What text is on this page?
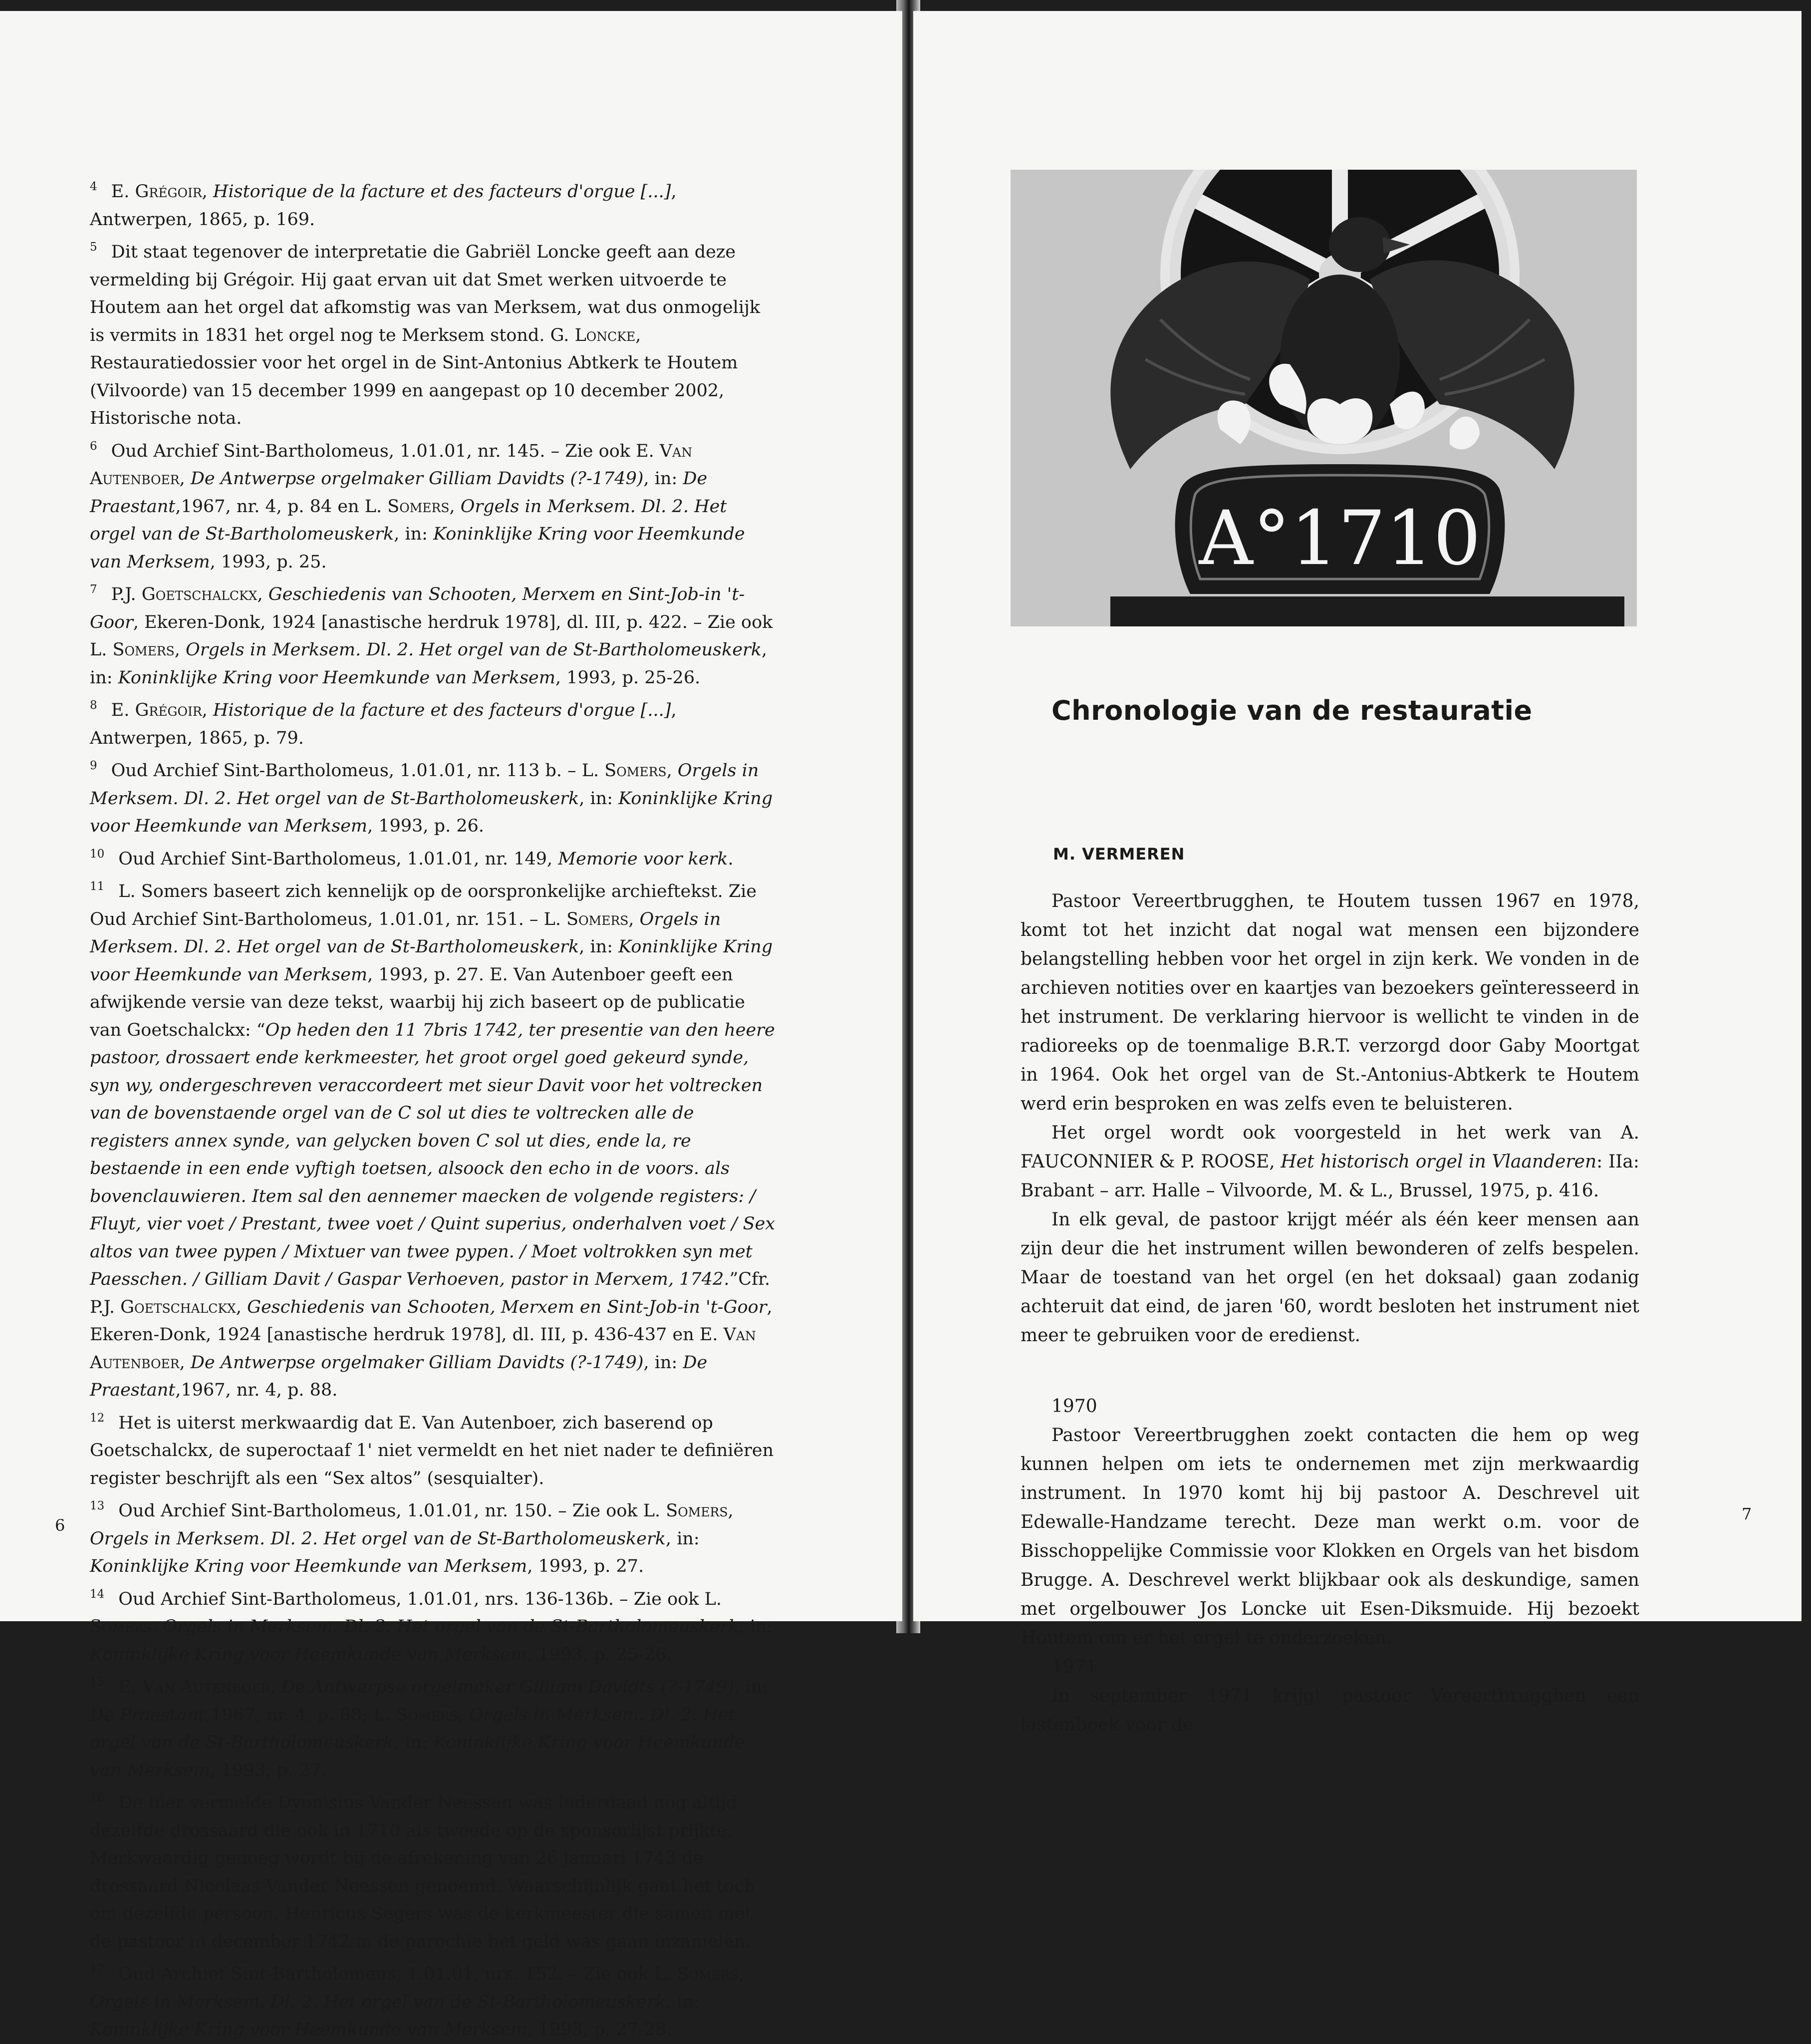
4 E. Grégoir, Historique de la facture et des facteurs d'orgue [...], Antwerpen, 1865, p. 169.

5 Dit staat tegenover de interpretatie die Gabriël Loncke geeft aan deze vermelding bij Grégoir. Hij gaat ervan uit dat Smet werken uitvoerde te Houtem aan het orgel dat afkomstig was van Merksem, wat dus onmogelijk is vermits in 1831 het orgel nog te Merksem stond. G. Loncke, Restauratiedossier voor het orgel in de Sint-Antonius Abtkerk te Houtem (Vilvoorde) van 15 december 1999 en aangepast op 10 december 2002, Historische nota.

6 Oud Archief Sint-Bartholomeus, 1.01.01, nr. 145. – Zie ook E. Van Autenboer, De Antwerpse orgelmaker Gilliam Davidts (?-1749), in: De Praestant,1967, nr. 4, p. 84 en L. Somers, Orgels in Merksem. Dl. 2. Het orgel van de St-Bartholomeuskerk, in: Koninklijke Kring voor Heemkunde van Merksem, 1993, p. 25.

7 P.J. Goetschalckx, Geschiedenis van Schooten, Merxem en Sint-Job-in 't-Goor, Ekeren-Donk, 1924 [anastische herdruk 1978], dl. III, p. 422. – Zie ook L. Somers, Orgels in Merksem. Dl. 2. Het orgel van de St-Bartholomeuskerk, in: Koninklijke Kring voor Heemkunde van Merksem, 1993, p. 25-26.

8 E. Grégoir, Historique de la facture et des facteurs d'orgue [...], Antwerpen, 1865, p. 79.

9 Oud Archief Sint-Bartholomeus, 1.01.01, nr. 113 b. – L. Somers, Orgels in Merksem. Dl. 2. Het orgel van de St-Bartholomeuskerk, in: Koninklijke Kring voor Heemkunde van Merksem, 1993, p. 26.

10 Oud Archief Sint-Bartholomeus, 1.01.01, nr. 149, Memorie voor kerk.

11 L. Somers baseert zich kennelijk op de oorspronkelijke archieftekst. Zie Oud Archief Sint-Bartholomeus, 1.01.01, nr. 151. – L. Somers, Orgels in Merksem. Dl. 2. Het orgel van de St-Bartholomeuskerk, in: Koninklijke Kring voor Heemkunde van Merksem, 1993, p. 27. E. Van Autenboer geeft een afwijkende versie van deze tekst, waarbij hij zich baseert op de publicatie van Goetschalckx: “Op heden den 11 7bris 1742, ter presentie van den heere pastoor, drossaert ende kerkmeester, het groot orgel goed gekeurd synde, syn wy, ondergeschreven veraccordeert met sieur Davit voor het voltrecken van de bovenstaende orgel van de C sol ut dies te voltrecken alle de registers annex synde, van gelycken boven C sol ut dies, ende la, re bestaende in een ende vyftigh toetsen, alsoock den echo in de voors. als bovenclauwieren. Item sal den aennemer maecken de volgende registers: / Fluyt, vier voet / Prestant, twee voet / Quint superius, onderhalven voet / Sex altos van twee pypen / Mixtuer van twee pypen. / Moet voltrokken syn met Paesschen. / Gilliam Davit / Gaspar Verhoeven, pastor in Merxem, 1742.”Cfr. P.J. Goetschalckx, Geschiedenis van Schooten, Merxem en Sint-Job-in 't-Goor, Ekeren-Donk, 1924 [anastische herdruk 1978], dl. III, p. 436-437 en E. Van Autenboer, De Antwerpse orgelmaker Gilliam Davidts (?-1749), in: De Praestant,1967, nr. 4, p. 88.

12 Het is uiterst merkwaardig dat E. Van Autenboer, zich baserend op Goetschalckx, de superoctaaf 1' niet vermeldt en het niet nader te definiëren register beschrijft als een “Sex altos” (sesquialter).

13 Oud Archief Sint-Bartholomeus, 1.01.01, nr. 150. – Zie ook L. Somers, Orgels in Merksem. Dl. 2. Het orgel van de St-Bartholomeuskerk, in: Koninklijke Kring voor Heemkunde van Merksem, 1993, p. 27.

14 Oud Archief Sint-Bartholomeus, 1.01.01, nrs. 136-136b. – Zie ook L. Somers, Orgels in Merksem. Dl. 2. Het orgel van de St-Bartholomeuskerk, in: Koninklijke Kring voor Heemkunde van Merksem, 1993, p. 25-26.

15 E. Van Autenboer, De Antwerpse orgelmaker Gilliam Davidts (?-1749), in: De Praestant,1967, nr. 4, p. 88; L. Somers, Orgels in Merksem. Dl. 2. Het orgel van de St-Bartholomeuskerk, in: Koninklijke Kring voor Heemkunde van Merksem, 1993, p. 27.

16 De hier vermelde Dyonisius Vander Neessen was inderdaad nog altijd dezelfde drossaard die ook in 1710 als tweede op de sponsorlijst prijkte. Merkwaardig genoeg wordt bij de afrekening van 26 januari 1743 de drossaard Nicolaas Vander Neessen genoemd. Waarschijnlijk gaat het toch om dezelfde persoon. Henricus Segers was de kerkmeester die samen met de pastoor in december 1742 in de parochie het geld was gaan inzamelen.

17 Oud Archief Sint-Bartholomeus, 1.01.01, nrs. 152. – Zie ook L. Somers, Orgels in Merksem. Dl. 2. Het orgel van de St-Bartholomeuskerk, in: Koninklijke Kring voor Heemkunde van Merksem, 1993, p. 27-28.

6
A°1710
Chronologie van de restauratie
M. VERMEREN

Pastoor Vereertbrugghen, te Houtem tussen 1967 en 1978, komt tot het inzicht dat nogal wat mensen een bijzondere belangstelling hebben voor het orgel in zijn kerk. We vonden in de archieven notities over en kaartjes van bezoekers geïnteresseerd in het instrument. De verklaring hiervoor is wellicht te vinden in de radioreeks op de toenmalige B.R.T. verzorgd door Gaby Moortgat in 1964. Ook het orgel van de St.-Antonius-Abtkerk te Houtem werd erin besproken en was zelfs even te beluisteren.

Het orgel wordt ook voorgesteld in het werk van A. FAUCONNIER & P. ROOSE, Het historisch orgel in Vlaanderen: IIa: Brabant – arr. Halle – Vilvoorde, M. & L., Brussel, 1975, p. 416.

In elk geval, de pastoor krijgt méér als één keer mensen aan zijn deur die het instrument willen bewonderen of zelfs bespelen. Maar de toestand van het orgel (en het doksaal) gaan zodanig achteruit dat eind, de jaren '60, wordt besloten het instrument niet meer te gebruiken voor de eredienst.

1970

Pastoor Vereertbrugghen zoekt contacten die hem op weg kunnen helpen om iets te ondernemen met zijn merkwaardig instrument. In 1970 komt hij bij pastoor A. Deschrevel uit Edewalle-Handzame terecht. Deze man werkt o.m. voor de Bisschoppelijke Commissie voor Klokken en Orgels van het bisdom Brugge. A. Deschrevel werkt blijkbaar ook als deskundige, samen met orgelbouwer Jos Loncke uit Esen-Diksmuide. Hij bezoekt Houtem om er het orgel te onderzoeken.

1971

In september 1971 krijgt pastoor Vereertbrugghen een lastenboek voor de

7
